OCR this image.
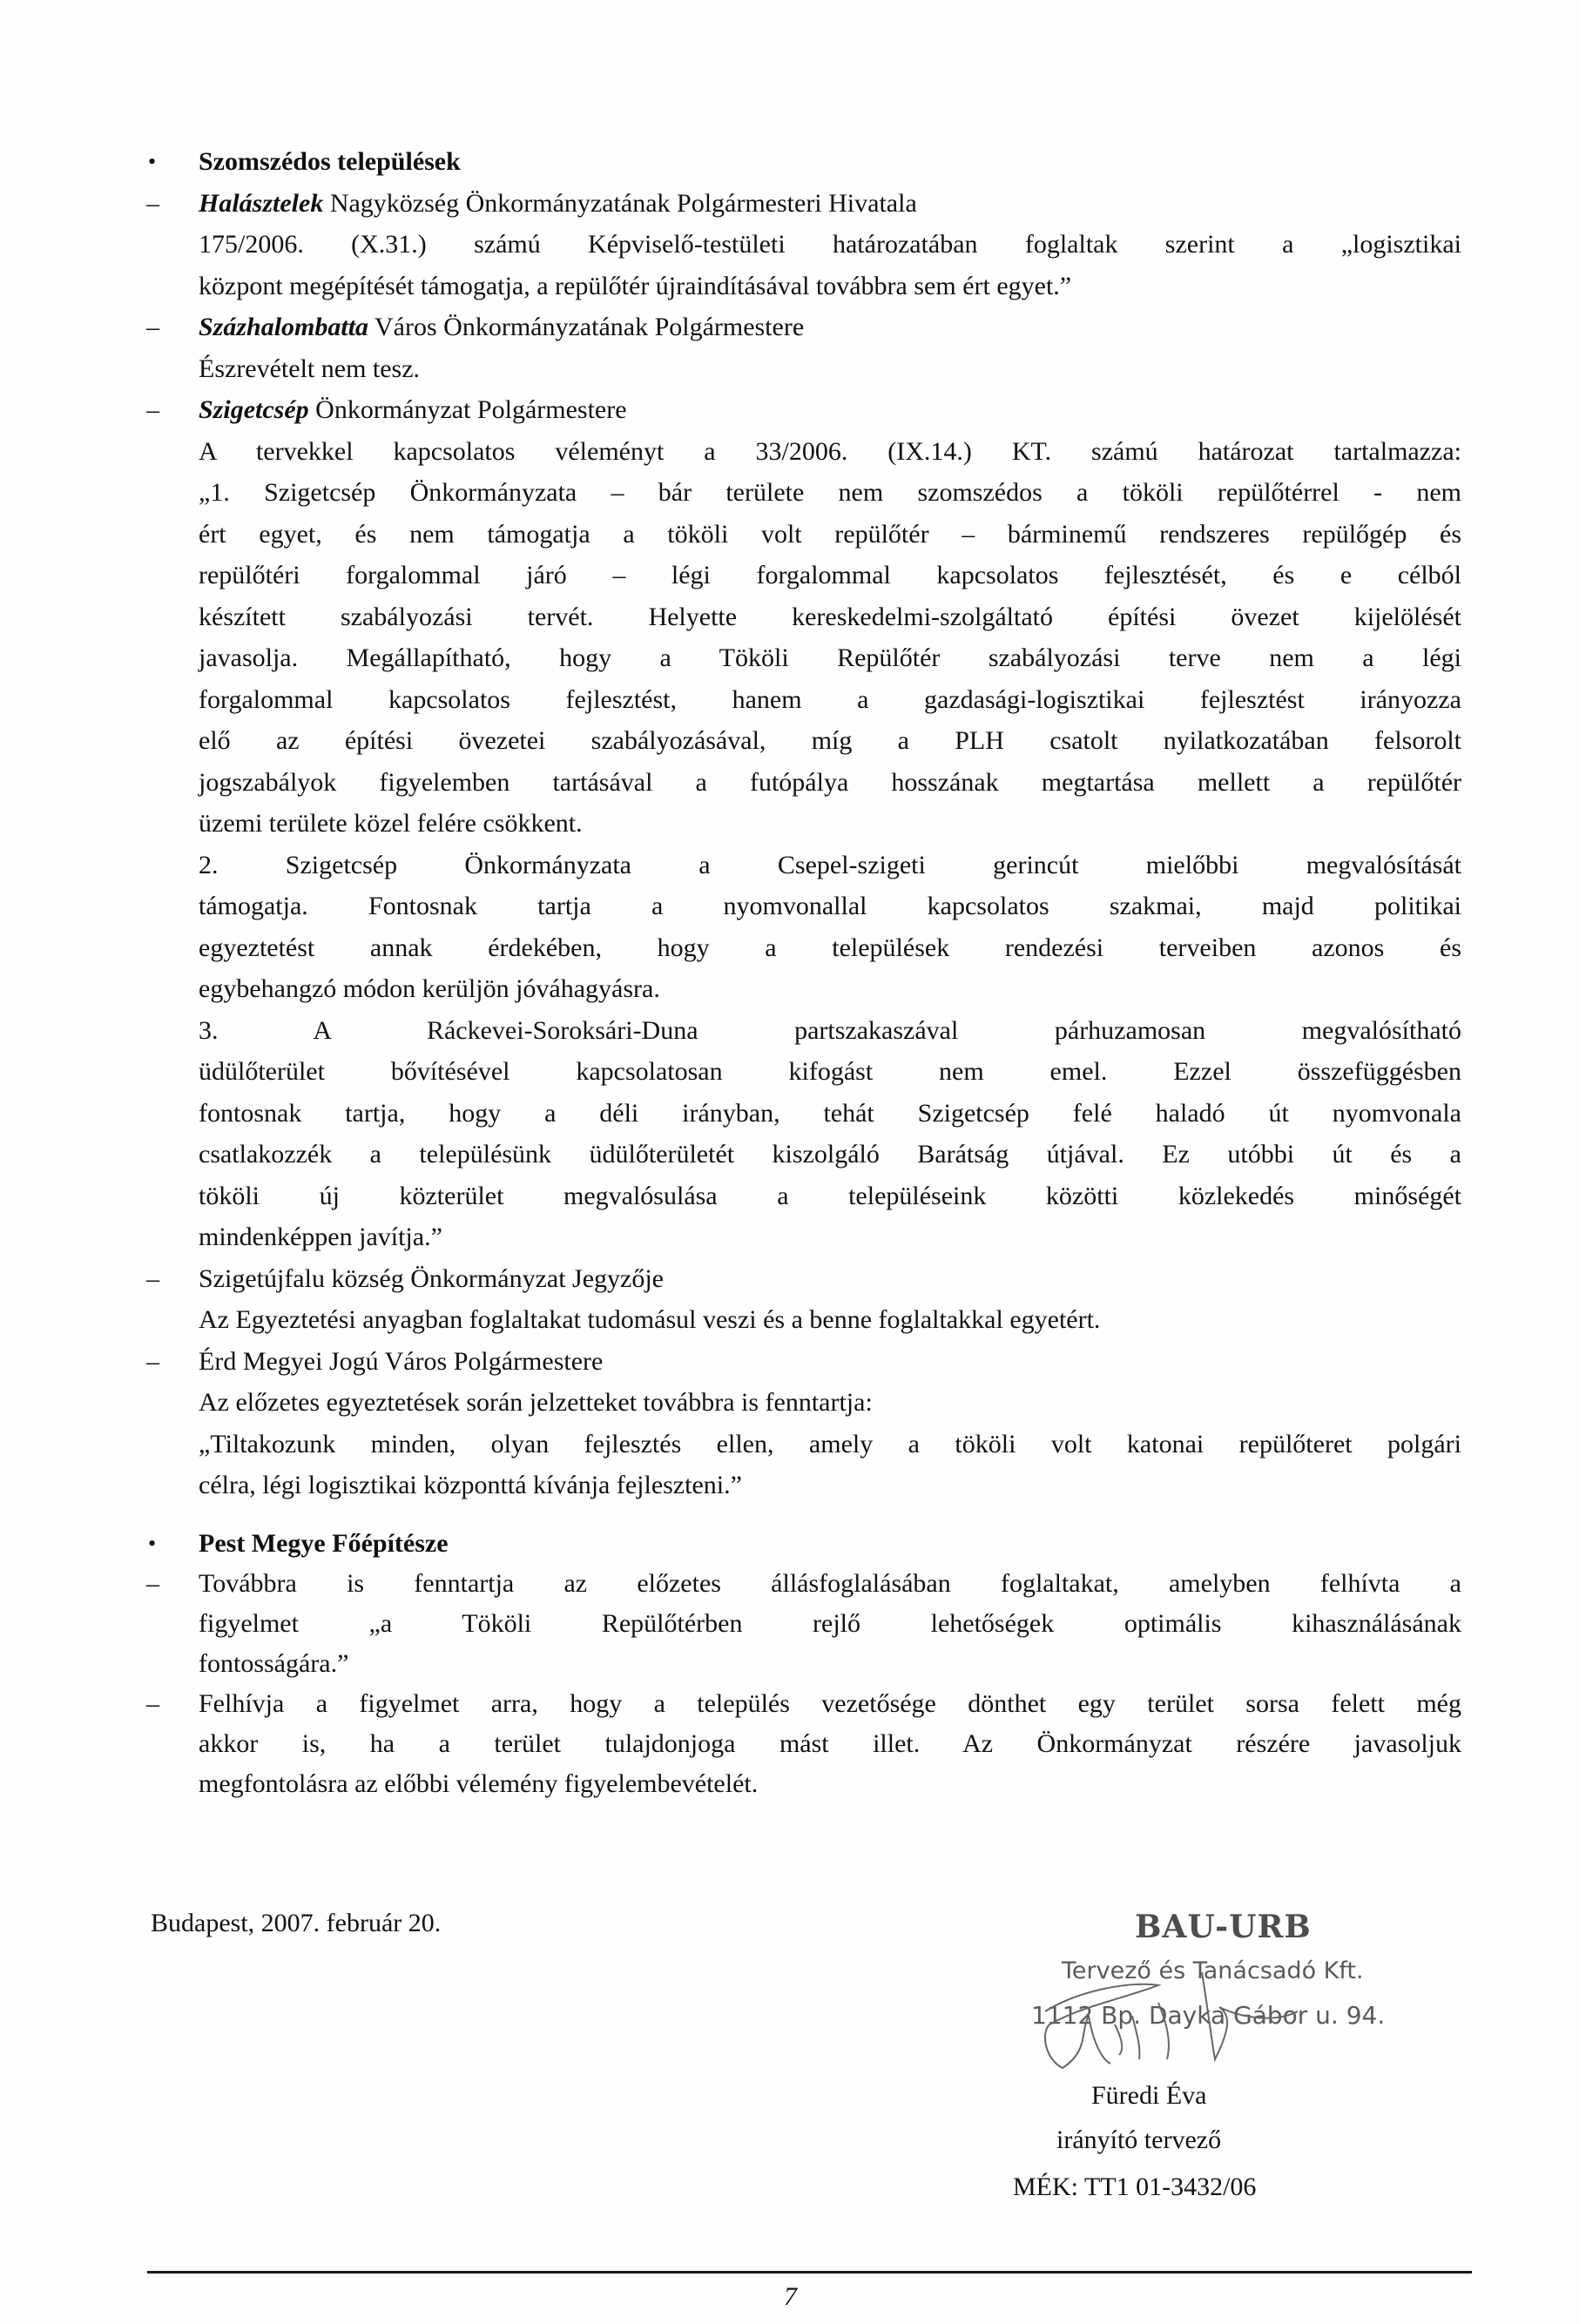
•	Szomszédos települések
–	Halásztelek Nagyközség Önkormányzatának Polgármesteri Hivatala
175/2006. (X.31.) számú Képviselő-testületi határozatában foglaltak szerint a „logisztikai
központ megépítését támogatja, a repülőtér újraindításával továbbra sem ért egyet.”
–	Százhalombatta Város Önkormányzatának Polgármestere
Észrevételt nem tesz.
–	Szigetcsép Önkormányzat Polgármestere
A tervekkel kapcsolatos véleményt a 33/2006. (IX.14.) KT. számú határozat tartalmazza:
„1. Szigetcsép Önkormányzata – bár területe nem szomszédos a tököli repülőtérrel - nem
ért egyet, és nem támogatja a tököli volt repülőtér – bárminemű rendszeres repülőgép és
repülőtéri forgalommal járó – légi forgalommal kapcsolatos fejlesztését, és e célból
készített szabályozási tervét. Helyette kereskedelmi-szolgáltató építési övezet kijelölését
javasolja. Megállapítható, hogy a Tököli Repülőtér szabályozási terve nem a légi
forgalommal kapcsolatos fejlesztést, hanem a gazdasági-logisztikai fejlesztést irányozza
elő az építési övezetei szabályozásával, míg a PLH csatolt nyilatkozatában felsorolt
jogszabályok figyelemben tartásával a futópálya hosszának megtartása mellett a repülőtér
üzemi területe közel felére csökkent.
2. Szigetcsép Önkormányzata a Csepel-szigeti gerincút mielőbbi megvalósítását
támogatja. Fontosnak tartja a nyomvonallal kapcsolatos szakmai, majd politikai
egyeztetést annak érdekében, hogy a települések rendezési terveiben azonos és
egybehangzó módon kerüljön jóváhagyásra.
3. A Ráckevei-Soroksári-Duna partszakaszával párhuzamosan megvalósítható
üdülőterület bővítésével kapcsolatosan kifogást nem emel. Ezzel összefüggésben
fontosnak tartja, hogy a déli irányban, tehát Szigetcsép felé haladó út nyomvonala
csatlakozzék a településünk üdülőterületét kiszolgáló Barátság útjával. Ez utóbbi út és a
tököli új közterület megvalósulása a településeink közötti közlekedés minőségét
mindenképpen javítja.”
–	Szigetújfalu község Önkormányzat Jegyzője
Az Egyeztetési anyagban foglaltakat tudomásul veszi és a benne foglaltakkal egyetért.
–	Érd Megyei Jogú Város Polgármestere
Az előzetes egyeztetések során jelzetteket továbbra is fenntartja:
„Tiltakozunk minden, olyan fejlesztés ellen, amely a tököli volt katonai repülőteret polgári
célra, légi logisztikai központtá kívánja fejleszteni.”
•	Pest Megye Főépítésze
–	Továbbra is fenntartja az előzetes állásfoglalásában foglaltakat, amelyben felhívta a
figyelmet „a Tököli Repülőtérben rejlő lehetőségek optimális kihasználásának
fontosságára.”
–	Felhívja a figyelmet arra, hogy a település vezetősége dönthet egy terület sorsa felett még
akkor is, ha a terület tulajdonjoga mást illet. Az Önkormányzat részére javasoljuk
megfontolásra az előbbi vélemény figyelembevételét.
Budapest, 2007. február 20.	BAU-URB
Tervező és Tanácsadó Kft.
1112 Bp. Dayka Gábor u. 94.
Füredi Éva
irányító tervező
MÉK: TT1 01-3432/06
7
